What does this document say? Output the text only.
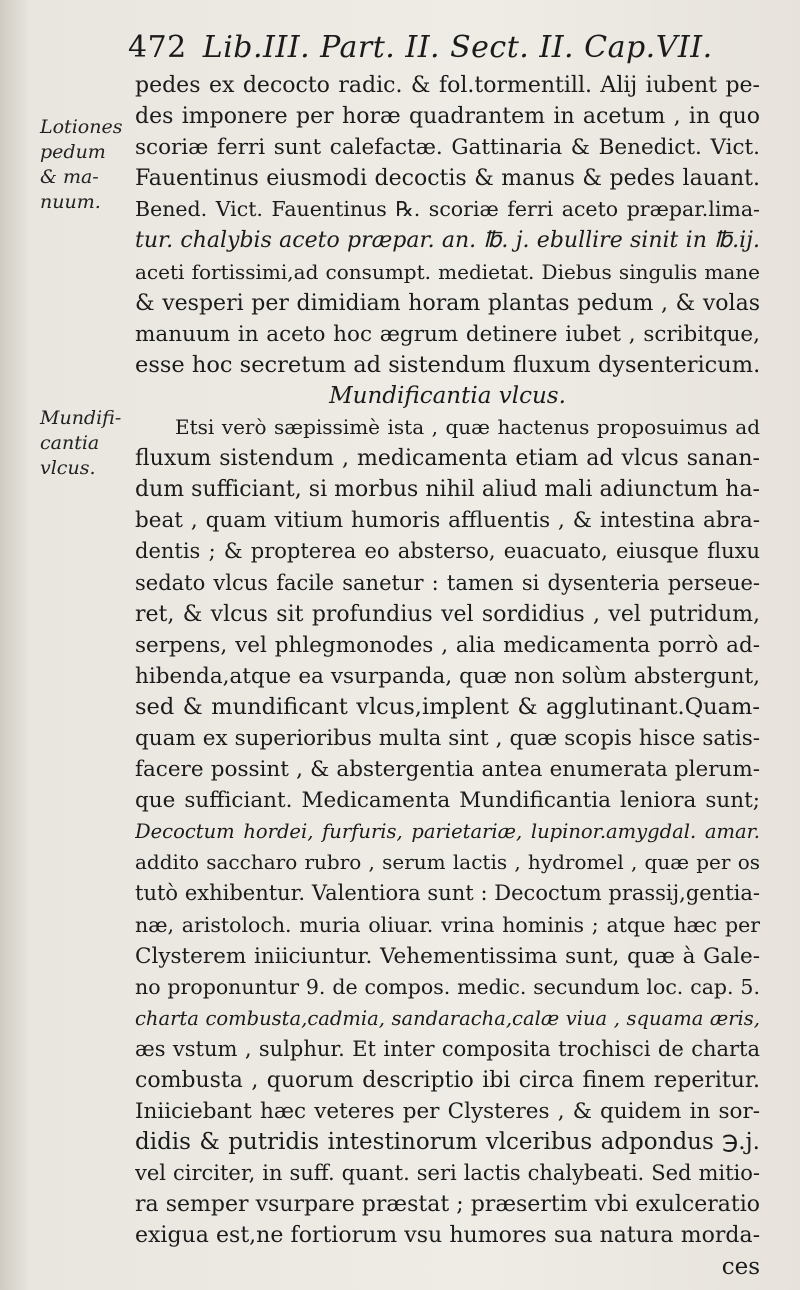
472 Lib.III. Part. II. Sect. II. Cap.VII.
Lotiones
pedum
& ma-
nuum.
Mundifi-
cantia
vlcus.
pedes ex decocto radic. & fol.tormentill. Alij iubent pe-
des imponere per horæ quadrantem in acetum , in quo
scoriæ ferri sunt calefactæ. Gattinaria & Benedict. Vict.
Fauentinus eiusmodi decoctis & manus & pedes lauant.
Bened. Vict. Fauentinus ℞. scoriæ ferri aceto præpar.lima-
tur. chalybis aceto præpar. an. ℔. j. ebullire sinit in ℔.ij.
aceti fortissimi,ad consumpt. medietat. Diebus singulis mane
& vesperi per dimidiam horam plantas pedum , & volas
manuum in aceto hoc ægrum detinere iubet , scribitque,
esse hoc secretum ad sistendum fluxum dysentericum.
Mundificantia vlcus.
Etsi verò sæpissimè ista , quæ hactenus proposuimus ad
fluxum sistendum , medicamenta etiam ad vlcus sanan-
dum sufficiant, si morbus nihil aliud mali adiunctum ha-
beat , quam vitium humoris affluentis , & intestina abra-
dentis ; & propterea eo absterso, euacuato, eiusque fluxu
sedato vlcus facile sanetur : tamen si dysenteria perseue-
ret, & vlcus sit profundius vel sordidius , vel putridum,
serpens, vel phlegmonodes , alia medicamenta porrò ad-
hibenda,atque ea vsurpanda, quæ non solùm abstergunt,
sed & mundificant vlcus,implent & agglutinant.Quam-
quam ex superioribus multa sint , quæ scopis hisce satis-
facere possint , & abstergentia antea enumerata plerum-
que sufficiant. Medicamenta Mundificantia leniora sunt;
Decoctum hordei, furfuris, parietariæ, lupinor.amygdal. amar.
addito sacchаro rubro , serum lactis , hydromel , quæ per os
tutò exhibentur. Valentiora sunt : Decoctum prassij,gentia-
næ, aristoloch. muria oliuar. vrina hominis ; atque hæc per
Clysterem iniiciuntur. Vehementissima sunt, quæ à Gale-
no proponuntur 9. de compos. medic. secundum loc. cap. 5.
charta combusta,cadmia, sandaracha,calæ viua , squama æris,
æs vstum , sulphur. Et inter composita trochisci de charta
combusta , quorum descriptio ibi circa finem reperitur.
Iniiciebant hæc veteres per Clysteres , & quidem in sor-
didis & putridis intestinorum vlceribus adpondus ℈.j.
vel circiter, in suff. quant. seri lactis chalybeati. Sed mitio-
ra semper vsurpare præstat ; præsertim vbi exulceratio
exigua est,ne fortiorum vsu humores sua natura mordа-
ces
